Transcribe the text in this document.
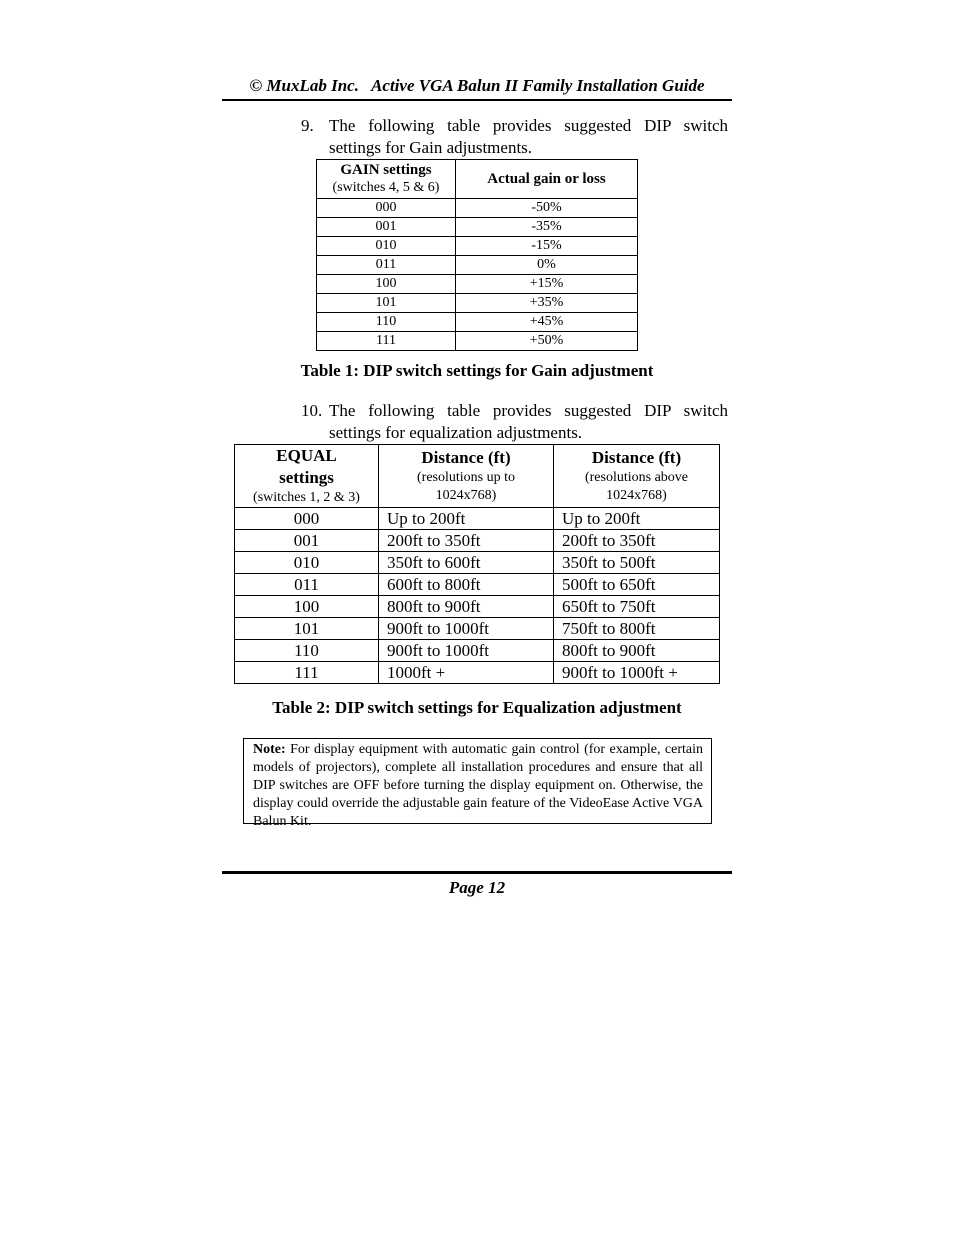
© MuxLab Inc.   Active VGA Balun II Family Installation Guide
9. The following table provides suggested DIP switch
settings for Gain adjustments.
GAIN settings
(switches 4, 5 & 6)	Actual gain or loss

000	-50%
001	-35%
010	-15%
011	0%
100	+15%
101	+35%
110	+45%
111	+50%
Table 1: DIP switch settings for Gain adjustment
10. The following table provides suggested DIP switch
settings for equalization adjustments.
EQUAL
settings
(switches 1, 2 & 3)	Distance (ft)
(resolutions up to
1024x768)	Distance (ft)
(resolutions above
1024x768)

000	Up to 200ft	Up to 200ft
001	200ft to 350ft	200ft to 350ft
010	350ft to 600ft	350ft to 500ft
011	600ft to 800ft	500ft to 650ft
100	800ft to 900ft	650ft to 750ft
101	900ft to 1000ft	750ft to 800ft
110	900ft to 1000ft	800ft to 900ft
111	1000ft +	900ft to 1000ft +
Table 2: DIP switch settings for Equalization adjustment
Note: For display equipment with automatic gain control (for example, certain models of projectors), complete all installation procedures and ensure that all DIP switches are OFF before turning the display equipment on. Otherwise, the display could override the adjustable gain feature of the VideoEase Active VGA Balun Kit.
Page 12
